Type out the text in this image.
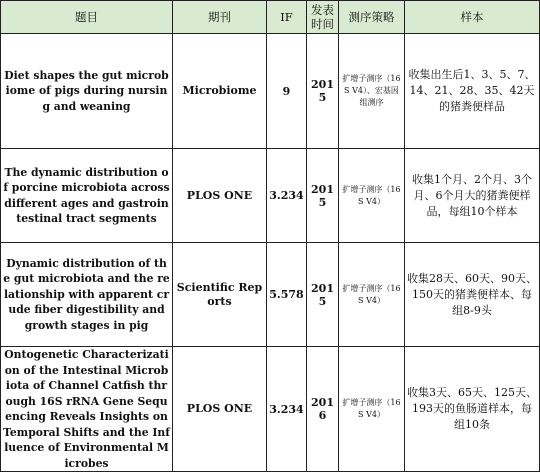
题目	期刊	IF	发表时间	测序策略	样本
Diet shapes the gut microbiome of pigs during nursing and weaning	Microbiome	9	2015	扩增子测序（16S V4）、宏基因组测序	收集出生后1、3、5、7、14、21、28、35、42天的猪粪便样品
The dynamic distribution of porcine microbiota across different ages and gastrointestinal tract segments	PLOS ONE	3.234	2015	扩增子测序（16S V4）	收集1个月、2个月、3个月、6个月大的猪粪便样品，每组10个样本
Dynamic distribution of the gut microbiota and the relationship with apparent crude fiber digestibility and growth stages in pig	Scientific Reports	5.578	2015	扩增子测序（16S V4）	收集28天、60天、90天、150天的猪粪便样本、每组8-9头
Ontogenetic Characterization of the Intestinal Microbiota of Channel Catfish through 16S rRNA Gene Sequencing Reveals Insights on Temporal Shifts and the Influence of Environmental Microbes	PLOS ONE	3.234	2016	扩增子测序（16S V4）	收集3天、65天、125天、193天的鱼肠道样本，每组10条
